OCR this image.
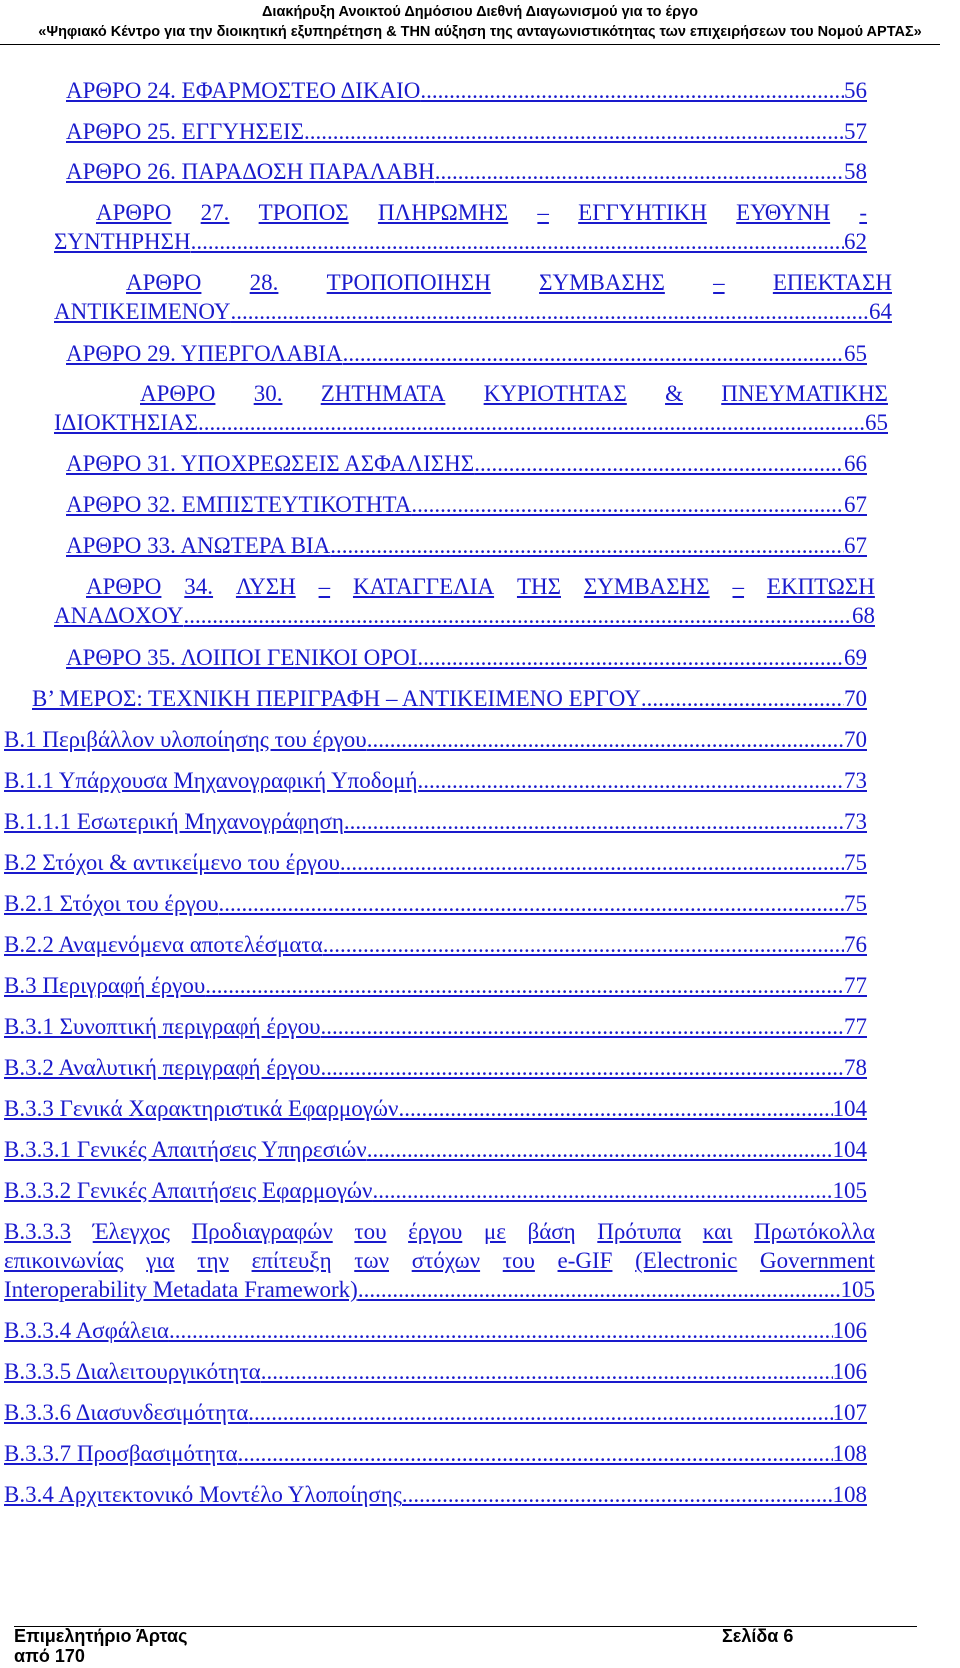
Διακήρυξη Ανοικτού Δημόσιου Διεθνή Διαγωνισμού για το έργο
«Ψηφιακό Κέντρο για την διοικητική εξυπηρέτηση & ΤΗΝ αύξηση της ανταγωνιστικότητας των επιχειρήσεων του Νομού ΑΡΤΑΣ»
ΑΡΘΡΟ 24. ΕΦΑΡΜΟΣΤΕΟ ΔΙΚΑΙΟ .....	56
ΑΡΘΡΟ 25. ΕΓΓΥΗΣΕΙΣ .....	57
ΑΡΘΡΟ 26. ΠΑΡΑΔΟΣΗ ΠΑΡΑΛΑΒΗ .....	58
ΑΡΘΡΟ 27. ΤΡΟΠΟΣ ΠΛΗΡΩΜΗΣ – ΕΓΓΥΗΤΙΚΗ ΕΥΘΥΝΗ -
ΣΥΝΤΗΡΗΣΗ .....	62
ΑΡΘΡΟ 28. ΤΡΟΠΟΠΟΙΗΣΗ ΣΥΜΒΑΣΗΣ – ΕΠΕΚΤΑΣΗ
ΑΝΤΙΚΕΙΜΕΝΟΥ .....	64
ΑΡΘΡΟ 29. ΥΠΕΡΓΟΛΑΒΙΑ .....	65
ΑΡΘΡΟ 30. ΖΗΤΗΜΑΤΑ ΚΥΡΙΟΤΗΤΑΣ & ΠΝΕΥΜΑΤΙΚΗΣ
ΙΔΙΟΚΤΗΣΙΑΣ .....	65
ΑΡΘΡΟ 31. ΥΠΟΧΡΕΩΣΕΙΣ ΑΣΦΑΛΙΣΗΣ .....	66
ΑΡΘΡΟ 32. ΕΜΠΙΣΤΕΥΤΙΚΟΤΗΤΑ .....	67
ΑΡΘΡΟ 33. ΑΝΩΤΕΡΑ ΒΙΑ .....	67
ΑΡΘΡΟ 34. ΛΥΣΗ – ΚΑΤΑΓΓΕΛΙΑ ΤΗΣ ΣΥΜΒΑΣΗΣ – ΕΚΠΤΩΣΗ
ΑΝΑΔΟΧΟΥ .....	68
ΑΡΘΡΟ 35. ΛΟΙΠΟΙ ΓΕΝΙΚΟΙ ΟΡΟΙ .....	69
Β’ ΜΕΡΟΣ: ΤΕΧΝΙΚΗ ΠΕΡΙΓΡΑΦΗ – ΑΝΤΙΚΕΙΜΕΝΟ ΕΡΓΟΥ .....	70
Β.1 Περιβάλλον υλοποίησης του έργου .....	70
Β.1.1 Υπάρχουσα Μηχανογραφική Υποδομή .....	73
Β.1.1.1 Εσωτερική Μηχανογράφηση .....	73
Β.2 Στόχοι & αντικείμενο του έργου .....	75
Β.2.1 Στόχοι του έργου .....	75
Β.2.2 Αναμενόμενα αποτελέσματα .....	76
Β.3 Περιγραφή έργου .....	77
Β.3.1 Συνοπτική περιγραφή έργου .....	77
Β.3.2 Αναλυτική περιγραφή έργου .....	78
Β.3.3 Γενικά Χαρακτηριστικά Εφαρμογών .....	104
Β.3.3.1 Γενικές Απαιτήσεις Υπηρεσιών .....	104
Β.3.3.2 Γενικές Απαιτήσεις Εφαρμογών .....	105
Β.3.3.3 Έλεγχος Προδιαγραφών του έργου με βάση Πρότυπα και Πρωτόκολλα
επικοινωνίας για την επίτευξη των στόχων του e-GIF (Electronic Government
Interoperability Metadata Framework) .....	105
Β.3.3.4 Ασφάλεια .....	106
Β.3.3.5 Διαλειτουργικότητα .....	106
Β.3.3.6 Διασυνδεσιμότητα .....	107
Β.3.3.7 Προσβασιμότητα .....	108
Β.3.4 Αρχιτεκτονικό Μοντέλο Υλοποίησης .....	108
Επιμελητήριο Άρτας	Σελίδα 6
από 170
